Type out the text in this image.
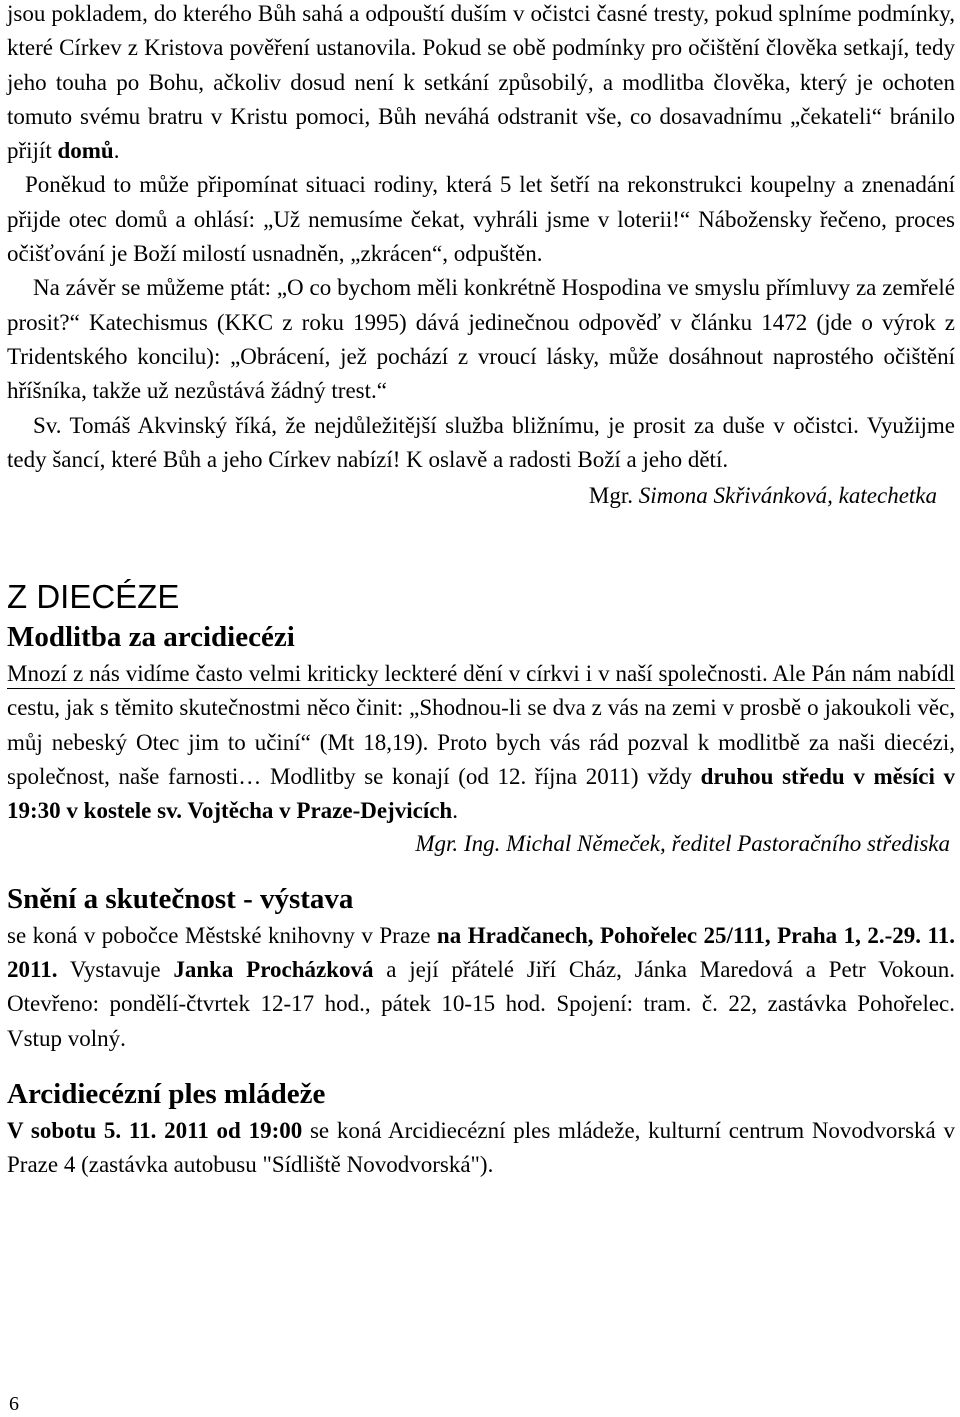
jsou pokladem, do kterého Bůh sahá a odpouští duším v očistci časné tresty, pokud splníme podmínky, které Církev z Kristova pověření ustanovila. Pokud se obě podmínky pro očištění člověka setkají, tedy jeho touha po Bohu, ačkoliv dosud není k setkání způsobilý, a modlitba člověka, který je ochoten tomuto svému bratru v Kristu pomoci, Bůh neváhá odstranit vše, co dosavadnímu „čekateli“ bránilo přijít domů.

Poněkud to může připomínat situaci rodiny, která 5 let šetří na rekonstrukci koupelny a znenadání přijde otec domů a ohlásí: „Už nemusíme čekat, vyhráli jsme v loterii!“ Nábožensky řečeno, proces očišťování je Boží milostí usnadněn, „zkrácen“, odpuštěn.

Na závěr se můžeme ptát: „O co bychom měli konkrétně Hospodina ve smyslu přímluvy za zemřelé prosit?“ Katechismus (KKC z roku 1995) dává jedinečnou odpověď v článku 1472 (jde o výrok z Tridentského koncilu): „Obrácení, jež pochází z vroucí lásky, může dosáhnout naprostého očištění hříšníka, takže už nezůstává žádný trest.“

Sv. Tomáš Akvinský říká, že nejdůležitější služba bližnímu, je prosit za duše v očistci. Využijme tedy šancí, které Bůh a jeho Církev nabízí! K oslavě a radosti Boží a jeho dětí.

Mgr. Simona Skřivánková, katechetka

Z DIECÉZE
Modlitba za arcidiecézi

Mnozí z nás vidíme často velmi kriticky leckteré dění v církvi i v naší společnosti. Ale Pán nám nabídl cestu, jak s těmito skutečnostmi něco činit: „Shodnou-li se dva z vás na zemi v prosbě o jakoukoli věc, můj nebeský Otec jim to učiní“ (Mt 18,19). Proto bych vás rád pozval k modlitbě za naši diecézi, společnost, naše farnosti… Modlitby se konají (od 12. října 2011) vždy druhou středu v měsíci v 19:30 v kostele sv. Vojtěcha v Praze-Dejvicích.

Mgr. Ing. Michal Němeček, ředitel Pastoračního střediska

Snění a skutečnost - výstava

se koná v pobočce Městské knihovny v Praze na Hradčanech, Pohořelec 25/111, Praha 1, 2.-29. 11. 2011. Vystavuje Janka Procházková a její přátelé Jiří Cház, Jánka Maredová a Petr Vokoun. Otevřeno: pondělí-čtvrtek 12-17 hod., pátek 10-15 hod. Spojení: tram. č. 22, zastávka Pohořelec. Vstup volný.

Arcidiecézní ples mládeže

V sobotu 5. 11. 2011 od 19:00 se koná Arcidiecézní ples mládeže, kulturní centrum Novodvorská v Praze 4 (zastávka autobusu "Sídliště Novodvorská").

6
